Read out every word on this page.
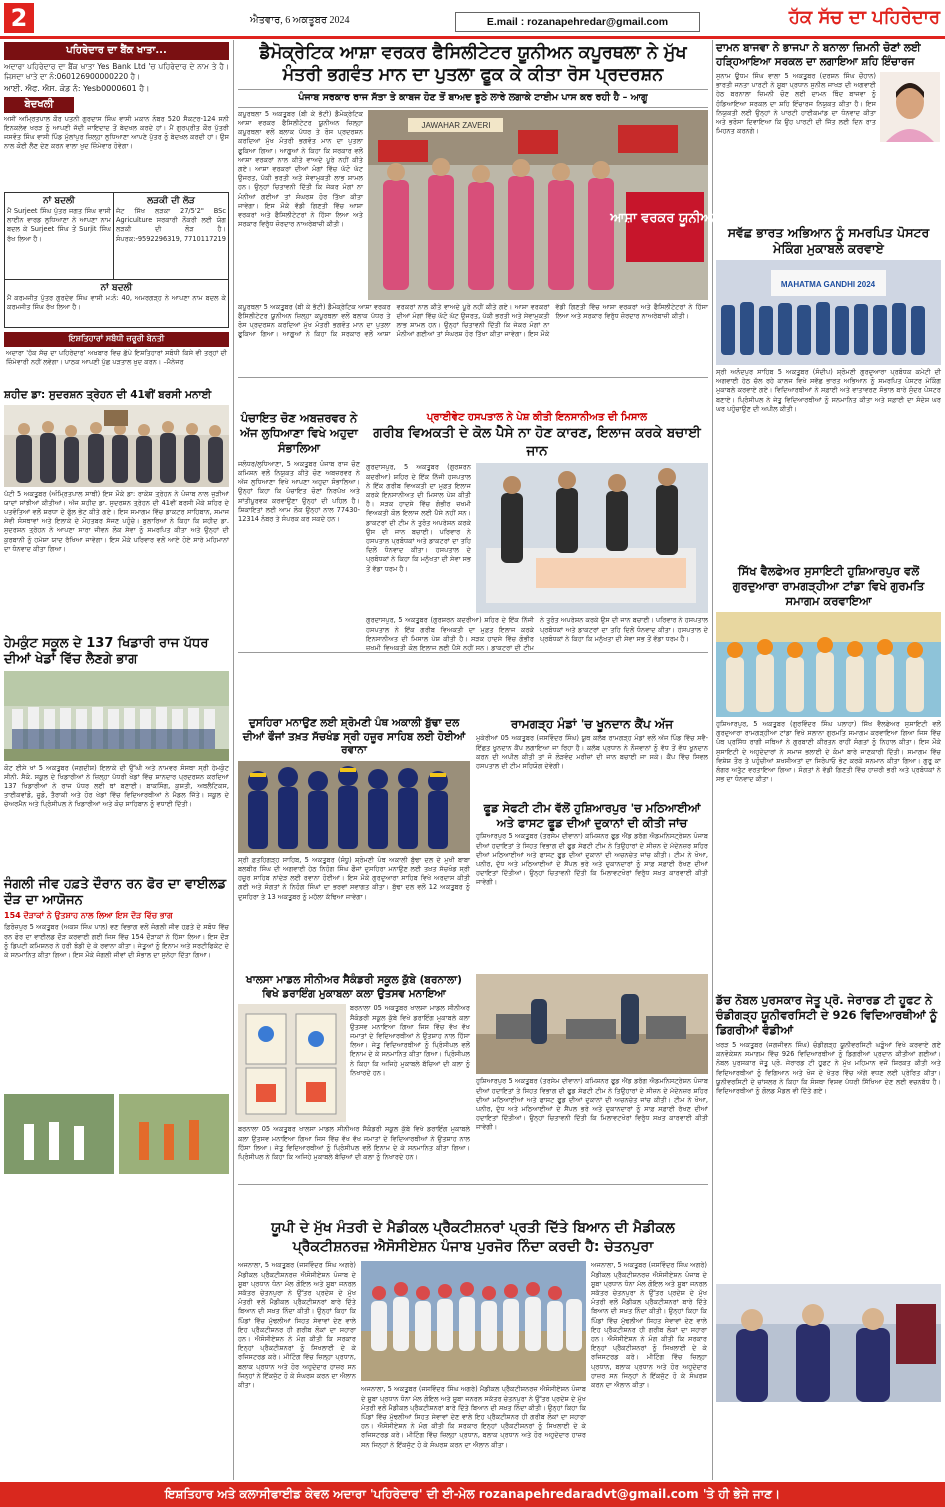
2	ਐਤਵਾਰ, 6 ਅਕਤੂਬਰ 2024	E.mail : rozanapehredar@gmail.com	ਹੱਕ ਸੱਚ ਦਾ ਪਹਿਰੇਦਾਰ
ਪਹਿਰੇਦਾਰ ਦਾ ਬੈਂਕ ਖਾਤਾ...
ਅਦਾਰਾ ਪਹਿਰੇਦਾਰ ਦਾ ਬੈਂਕ ਖਾਤਾ Yes Bank Ltd 'ਚ ਪਹਿਰੇਦਾਰ ਦੇ ਨਾਮ ਤੇ ਹੈ। ਜਿਸਦਾ ਖਾਤੇ ਦਾ ਨੰ:060126900000220 ਹੈ।
ਆਈ. ਐਫ. ਐਸ. ਕੋਡ ਨੰ: Yesb0000601 ਹੈ।
ਬੇਦਖਲੀ
ਅਸੀਂ ਅਮ੍ਰਿਤਪਾਲ ਕੌਰ ਪਤਨੀ ਗੁਰਦਾਸ ਸਿੰਘ ਵਾਸੀ ਮਕਾਨ ਨੰਬਰ 520 ਸੈਕਟਰ-124 ਸਨੀ ਇਨਕਲੇਵ ਖਰੜ ਨੂੰ ਆਪਣੀ ਜੱਦੀ ਜਾਇਦਾਦ ਤੋਂ ਬੇਦਖਲ ਕਰਦੇ ਹਾਂ। ਮੈਂ ਗੁਰਪ੍ਰੀਤ ਕੌਰ ਪੁੱਤਰੀ ਜਸਵੰਤ ਸਿੰਘ ਵਾਸੀ ਪਿੰਡ ਮੁੱਲਾਂਪੁਰ ਜ਼ਿਲ੍ਹਾ ਲੁਧਿਆਣਾ ਆਪਣੇ ਪੁੱਤਰ ਨੂੰ ਬੇਦਖਲ ਕਰਦੀ ਹਾਂ। ਉਸ ਨਾਲ ਕੋਈ ਲੈਣ ਦੇਣ ਕਰਨ ਵਾਲਾ ਖੁਦ ਜ਼ਿੰਮੇਵਾਰ ਹੋਵੇਗਾ।
ਨਾਂ ਬਦਲੀ
ਮੈਂ Surjeet ਸਿੰਘ ਪੁੱਤਰ ਜਗਤ ਸਿੰਘ ਵਾਸੀ ਲਾਈਨ ਵਾਰਡ ਲੁਧਿਆਣਾ ਨੇ ਆਪਣਾ ਨਾਮ ਬਦਲ ਕੇ Surjeet ਸਿੰਘ ਤੋਂ Surjit ਸਿੰਘ ਰੱਖ ਲਿਆ ਹੈ।
ਲੜਕੀ ਦੀ ਲੋੜ
ਜੱਟ ਸਿੱਖ ਲੜਕਾ 27/5'2" BSc Agriculture ਸਰਕਾਰੀ ਨੌਕਰੀ ਲਈ ਯੋਗ ਲੜਕੀ ਦੀ ਲੋੜ ਹੈ। ਸੰਪਰਕ:-9592296319, 7710117219
ਨਾਂ ਬਦਲੀ
ਮੈਂ ਕਰਮਜੀਤ ਪੁੱਤਰ ਗੁਰਦੇਵ ਸਿੰਘ ਵਾਸੀ ਮ:ਨੰ: 40, ਅਮਰਗੜ੍ਹ ਨੇ ਆਪਣਾ ਨਾਮ ਬਦਲ ਕੇ ਕਰਮਜੀਤ ਸਿੰਘ ਰੱਖ ਲਿਆ ਹੈ।
ਇਸ਼ਤਿਹਾਰਾਂ ਸਬੰਧੀ ਜ਼ਰੂਰੀ ਬੇਨਤੀ
ਅਦਾਰਾ 'ਹੱਕ ਸੱਚ ਦਾ ਪਹਿਰੇਦਾਰ' ਅਖ਼ਬਾਰ ਵਿਚ ਛੱਪੇ ਇਸ਼ਤਿਹਾਰਾਂ ਸਬੰਧੀ ਕਿਸੇ ਵੀ ਤਰ੍ਹਾਂ ਦੀ ਜ਼ਿੰਮੇਵਾਰੀ ਨਹੀਂ ਲਵੇਗਾ। ਪਾਠਕ ਆਪਣੀ ਪੁੱਛ ਪੜਤਾਲ ਖ਼ੁਦ ਕਰਨ। –ਮੈਨੇਜਰ
ਸ਼ਹੀਦ ਡਾ: ਸੁਦਰਸ਼ਨ ਤ੍ਰੇਹਨ ਦੀ 41ਵੀਂ ਬਰਸੀ ਮਨਾਈ
ਪੱਟੀ 5 ਅਕਤੂਬਰ (ਅੰਮ੍ਰਿਤਪਾਲ ਸਾਥੀ) ਇਸ ਮੌਕੇ ਡਾ: ਰਾਕੇਸ਼ ਤ੍ਰੇਹਨ ਨੇ ਪੰਜਾਬ ਨਾਲ ਜੁੜੀਆਂ ਯਾਦਾਂ ਸਾਂਝੀਆਂ ਕੀਤੀਆਂ। ਅੱਜ ਸ਼ਹੀਦ ਡਾ. ਸੁਦਰਸ਼ਨ ਤ੍ਰੇਹਨ ਦੀ 41ਵੀਂ ਬਰਸੀ ਮੌਕੇ ਸ਼ਹਿਰ ਦੇ ਪਤਵੰਤਿਆਂ ਵਲੋਂ ਸ਼ਰਧਾ ਦੇ ਫੁੱਲ ਭੇਟ ਕੀਤੇ ਗਏ। ਇਸ ਸਮਾਗਮ ਵਿੱਚ ਡਾਕਟਰ ਸਾਹਿਬਾਨ, ਸਮਾਜ ਸੇਵੀ ਸੰਸਥਾਵਾਂ ਅਤੇ ਇਲਾਕੇ ਦੇ ਮੋਹਤਬਰ ਸੱਜਣ ਪਹੁੰਚੇ। ਬੁਲਾਰਿਆਂ ਨੇ ਕਿਹਾ ਕਿ ਸ਼ਹੀਦ ਡਾ. ਸੁਦਰਸ਼ਨ ਤ੍ਰੇਹਨ ਨੇ ਆਪਣਾ ਸਾਰਾ ਜੀਵਨ ਲੋਕ ਸੇਵਾ ਨੂੰ ਸਮਰਪਿਤ ਕੀਤਾ ਅਤੇ ਉਨ੍ਹਾਂ ਦੀ ਕੁਰਬਾਨੀ ਨੂੰ ਹਮੇਸ਼ਾ ਯਾਦ ਰੱਖਿਆ ਜਾਵੇਗਾ। ਇਸ ਮੌਕੇ ਪਰਿਵਾਰ ਵਲੋਂ ਆਏ ਹੋਏ ਸਾਰੇ ਮਹਿਮਾਨਾਂ ਦਾ ਧੰਨਵਾਦ ਕੀਤਾ ਗਿਆ।
ਹੇਮਕੁੰਟ ਸਕੂਲ ਦੇ 137 ਖਿਡਾਰੀ ਰਾਜ ਪੱਧਰ ਦੀਆਂ ਖੇਡਾਂ ਵਿੱਚ ਲੈਣਗੇ ਭਾਗ
ਕੋਟ ਈਸੇ ਖਾਂ 5 ਅਕਤੂਬਰ (ਜਗਦੀਸ਼) ਇਲਾਕੇ ਦੀ ਉੱਘੀ ਅਤੇ ਨਾਮਵਰ ਸੰਸਥਾ ਸ੍ਰੀ ਹੇਮਕੁੰਟ ਸੀਨੀ. ਸੈਕੰ. ਸਕੂਲ ਦੇ ਖਿਡਾਰੀਆਂ ਨੇ ਜ਼ਿਲ੍ਹਾ ਪੱਧਰੀ ਖੇਡਾਂ ਵਿੱਚ ਸ਼ਾਨਦਾਰ ਪ੍ਰਦਰਸ਼ਨ ਕਰਦਿਆਂ 137 ਖਿਡਾਰੀਆਂ ਨੇ ਰਾਜ ਪੱਧਰ ਲਈ ਥਾਂ ਬਣਾਈ। ਬਾਕਸਿੰਗ, ਕੁਸ਼ਤੀ, ਅਥਲੈਟਿਕਸ, ਤਾਈਕਵਾਂਡੋ, ਜੂਡੋ, ਤੈਰਾਕੀ ਅਤੇ ਹੋਰ ਖੇਡਾਂ ਵਿੱਚ ਵਿਦਿਆਰਥੀਆਂ ਨੇ ਮੈਡਲ ਜਿੱਤੇ। ਸਕੂਲ ਦੇ ਚੇਅਰਮੈਨ ਅਤੇ ਪ੍ਰਿੰਸੀਪਲ ਨੇ ਖਿਡਾਰੀਆਂ ਅਤੇ ਕੋਚ ਸਾਹਿਬਾਨ ਨੂੰ ਵਧਾਈ ਦਿੱਤੀ।
ਜੰਗਲੀ ਜੀਵ ਹਫ਼ਤੇ ਦੌਰਾਨ ਰਨ ਫੋਰ ਦਾ ਵਾਈਲਡ ਦੌੜ ਦਾ ਆਯੋਜਨ
154 ਦੌੜਾਕਾਂ ਨੇ ਉਤਸ਼ਾਹ ਨਾਲ ਲਿਆ ਇਸ ਦੌੜ ਵਿੱਚ ਭਾਗ
ਫ਼ਿਰੋਜ਼ਪੁਰ 5 ਅਕਤੂਬਰ (ਅਕਸ਼ ਸਿੰਘ ਪਾਲ) ਵਣ ਵਿਭਾਗ ਵਲੋਂ ਜੰਗਲੀ ਜੀਵ ਹਫ਼ਤੇ ਦੇ ਸਬੰਧ ਵਿੱਚ ਰਨ ਫੋਰ ਦਾ ਵਾਈਲਡ ਦੌੜ ਕਰਵਾਈ ਗਈ ਜਿਸ ਵਿੱਚ 154 ਦੌੜਾਕਾਂ ਨੇ ਹਿੱਸਾ ਲਿਆ। ਇਸ ਦੌੜ ਨੂੰ ਡਿਪਟੀ ਕਮਿਸ਼ਨਰ ਨੇ ਹਰੀ ਝੰਡੀ ਦੇ ਕੇ ਰਵਾਨਾ ਕੀਤਾ। ਜੇਤੂਆਂ ਨੂੰ ਇਨਾਮ ਅਤੇ ਸਰਟੀਫਿਕੇਟ ਦੇ ਕੇ ਸਨਮਾਨਿਤ ਕੀਤਾ ਗਿਆ। ਇਸ ਮੌਕੇ ਜੰਗਲੀ ਜੀਵਾਂ ਦੀ ਸੰਭਾਲ ਦਾ ਸੁਨੇਹਾ ਦਿੱਤਾ ਗਿਆ।
ਡੈਮੋਕ੍ਰੇਟਿਕ ਆਸ਼ਾ ਵਰਕਰ ਫੈਸਿਲੀਟੇਟਰ ਯੂਨੀਅਨ ਕਪੂਰਥਲਾ ਨੇ ਮੁੱਖ ਮੰਤਰੀ ਭਗਵੰਤ ਮਾਨ ਦਾ ਪੁਤਲਾ ਫੂਕ ਕੇ ਕੀਤਾ ਰੋਸ ਪ੍ਰਦਰਸ਼ਨ
ਪੰਜਾਬ ਸਰਕਾਰ ਰਾਜ ਸੱਤਾ ਤੇ ਕਾਬਜ ਹੋਣ ਤੋਂ ਬਾਅਦ ਝੂਠੇ ਲਾਰੇ ਲਗਾਕੇ ਟਾਈਮ ਪਾਸ ਕਰ ਰਹੀ ਹੈ – ਆਗੂ
ਕਪੂਰਥਲਾ 5 ਅਕਤੂਬਰ (ਬੀ ਕੇ ਭੱਟੀ) ਡੈਮੋਕ੍ਰੇਟਿਕ ਆਸ਼ਾ ਵਰਕਰ ਫੈਸਿਲੀਟੇਟਰ ਯੂਨੀਅਨ ਜ਼ਿਲ੍ਹਾ ਕਪੂਰਥਲਾ ਵਲੋਂ ਬਲਾਕ ਪੱਧਰ ਤੇ ਰੋਸ ਪ੍ਰਦਰਸ਼ਨ ਕਰਦਿਆਂ ਮੁੱਖ ਮੰਤਰੀ ਭਗਵੰਤ ਮਾਨ ਦਾ ਪੁਤਲਾ ਫੂਕਿਆ ਗਿਆ। ਆਗੂਆਂ ਨੇ ਕਿਹਾ ਕਿ ਸਰਕਾਰ ਵਲੋਂ ਆਸ਼ਾ ਵਰਕਰਾਂ ਨਾਲ ਕੀਤੇ ਵਾਅਦੇ ਪੂਰੇ ਨਹੀਂ ਕੀਤੇ ਗਏ। ਆਸ਼ਾ ਵਰਕਰਾਂ ਦੀਆਂ ਮੰਗਾਂ ਵਿੱਚ ਘੱਟੋ ਘੱਟ ਉਜਰਤ, ਪੱਕੀ ਭਰਤੀ ਅਤੇ ਸੇਵਾਮੁਕਤੀ ਲਾਭ ਸ਼ਾਮਲ ਹਨ। ਉਨ੍ਹਾਂ ਚਿਤਾਵਨੀ ਦਿੱਤੀ ਕਿ ਜੇਕਰ ਮੰਗਾਂ ਨਾ ਮੰਨੀਆਂ ਗਈਆਂ ਤਾਂ ਸੰਘਰਸ਼ ਹੋਰ ਤਿੱਖਾ ਕੀਤਾ ਜਾਵੇਗਾ। ਇਸ ਮੌਕੇ ਵੱਡੀ ਗਿਣਤੀ ਵਿੱਚ ਆਸ਼ਾ ਵਰਕਰਾਂ ਅਤੇ ਫੈਸਿਲੀਟੇਟਰਾਂ ਨੇ ਹਿੱਸਾ ਲਿਆ ਅਤੇ ਸਰਕਾਰ ਵਿਰੁੱਧ ਜ਼ੋਰਦਾਰ ਨਾਅਰੇਬਾਜ਼ੀ ਕੀਤੀ।
JAWAHAR ZAVERI
ਆਸ਼ਾ ਵਰਕਰ ਯੂਨੀਅਨ
ਕਪੂਰਥਲਾ 5 ਅਕਤੂਬਰ (ਬੀ ਕੇ ਭੱਟੀ) ਡੈਮੋਕ੍ਰੇਟਿਕ ਆਸ਼ਾ ਵਰਕਰ ਫੈਸਿਲੀਟੇਟਰ ਯੂਨੀਅਨ ਜ਼ਿਲ੍ਹਾ ਕਪੂਰਥਲਾ ਵਲੋਂ ਬਲਾਕ ਪੱਧਰ ਤੇ ਰੋਸ ਪ੍ਰਦਰਸ਼ਨ ਕਰਦਿਆਂ ਮੁੱਖ ਮੰਤਰੀ ਭਗਵੰਤ ਮਾਨ ਦਾ ਪੁਤਲਾ ਫੂਕਿਆ ਗਿਆ। ਆਗੂਆਂ ਨੇ ਕਿਹਾ ਕਿ ਸਰਕਾਰ ਵਲੋਂ ਆਸ਼ਾ ਵਰਕਰਾਂ ਨਾਲ ਕੀਤੇ ਵਾਅਦੇ ਪੂਰੇ ਨਹੀਂ ਕੀਤੇ ਗਏ। ਆਸ਼ਾ ਵਰਕਰਾਂ ਦੀਆਂ ਮੰਗਾਂ ਵਿੱਚ ਘੱਟੋ ਘੱਟ ਉਜਰਤ, ਪੱਕੀ ਭਰਤੀ ਅਤੇ ਸੇਵਾਮੁਕਤੀ ਲਾਭ ਸ਼ਾਮਲ ਹਨ। ਉਨ੍ਹਾਂ ਚਿਤਾਵਨੀ ਦਿੱਤੀ ਕਿ ਜੇਕਰ ਮੰਗਾਂ ਨਾ ਮੰਨੀਆਂ ਗਈਆਂ ਤਾਂ ਸੰਘਰਸ਼ ਹੋਰ ਤਿੱਖਾ ਕੀਤਾ ਜਾਵੇਗਾ। ਇਸ ਮੌਕੇ ਵੱਡੀ ਗਿਣਤੀ ਵਿੱਚ ਆਸ਼ਾ ਵਰਕਰਾਂ ਅਤੇ ਫੈਸਿਲੀਟੇਟਰਾਂ ਨੇ ਹਿੱਸਾ ਲਿਆ ਅਤੇ ਸਰਕਾਰ ਵਿਰੁੱਧ ਜ਼ੋਰਦਾਰ ਨਾਅਰੇਬਾਜ਼ੀ ਕੀਤੀ।
ਪੰਚਾਇਤ ਚੋਣ ਅਬਜ਼ਰਵਰ ਨੇ ਅੱਜ ਲੁਧਿਆਣਾ ਵਿਖੇ ਅਹੁਦਾ ਸੰਭਾਲਿਆ
ਜਲੰਧਰ/ਲੁਧਿਆਣਾ, 5 ਅਕਤੂਬਰ ਪੰਜਾਬ ਰਾਜ ਚੋਣ ਕਮਿਸ਼ਨ ਵਲੋਂ ਨਿਯੁਕਤ ਕੀਤੇ ਚੋਣ ਅਬਜ਼ਰਵਰ ਨੇ ਅੱਜ ਲੁਧਿਆਣਾ ਵਿਖੇ ਆਪਣਾ ਅਹੁਦਾ ਸੰਭਾਲਿਆ। ਉਨ੍ਹਾਂ ਕਿਹਾ ਕਿ ਪੰਚਾਇਤ ਚੋਣਾਂ ਨਿਰਪੱਖ ਅਤੇ ਸ਼ਾਂਤੀਪੂਰਵਕ ਕਰਵਾਉਣਾ ਉਨ੍ਹਾਂ ਦੀ ਪਹਿਲ ਹੈ। ਸ਼ਿਕਾਇਤਾਂ ਲਈ ਆਮ ਲੋਕ ਉਨ੍ਹਾਂ ਨਾਲ 77430-12314 ਨੰਬਰ ਤੇ ਸੰਪਰਕ ਕਰ ਸਕਦੇ ਹਨ।
ਪ੍ਰਾਈਵੇਟ ਹਸਪਤਾਲ ਨੇ ਪੇਸ਼ ਕੀਤੀ ਇਨਸਾਨੀਅਤ ਦੀ ਮਿਸਾਲ
ਗਰੀਬ ਵਿਅਕਤੀ ਦੇ ਕੋਲ ਪੈਸੇ ਨਾ ਹੋਣ ਕਾਰਣ, ਇਲਾਜ ਕਰਕੇ ਬਚਾਈ ਜਾਨ
ਗੁਰਦਾਸਪੁਰ, 5 ਅਕਤੂਬਰ (ਗੁਰਸ਼ਰਨ ਕਦਰੀਆ) ਸ਼ਹਿਰ ਦੇ ਇੱਕ ਨਿੱਜੀ ਹਸਪਤਾਲ ਨੇ ਇੱਕ ਗਰੀਬ ਵਿਅਕਤੀ ਦਾ ਮੁਫ਼ਤ ਇਲਾਜ ਕਰਕੇ ਇਨਸਾਨੀਅਤ ਦੀ ਮਿਸਾਲ ਪੇਸ਼ ਕੀਤੀ ਹੈ। ਸੜਕ ਹਾਦਸੇ ਵਿੱਚ ਗੰਭੀਰ ਜ਼ਖਮੀ ਵਿਅਕਤੀ ਕੋਲ ਇਲਾਜ ਲਈ ਪੈਸੇ ਨਹੀਂ ਸਨ। ਡਾਕਟਰਾਂ ਦੀ ਟੀਮ ਨੇ ਤੁਰੰਤ ਅਪਰੇਸ਼ਨ ਕਰਕੇ ਉਸ ਦੀ ਜਾਨ ਬਚਾਈ। ਪਰਿਵਾਰ ਨੇ ਹਸਪਤਾਲ ਪ੍ਰਬੰਧਕਾਂ ਅਤੇ ਡਾਕਟਰਾਂ ਦਾ ਤਹਿ ਦਿਲੋਂ ਧੰਨਵਾਦ ਕੀਤਾ। ਹਸਪਤਾਲ ਦੇ ਪ੍ਰਬੰਧਕਾਂ ਨੇ ਕਿਹਾ ਕਿ ਮਨੁੱਖਤਾ ਦੀ ਸੇਵਾ ਸਭ ਤੋਂ ਵੱਡਾ ਧਰਮ ਹੈ।
ਗੁਰਦਾਸਪੁਰ, 5 ਅਕਤੂਬਰ (ਗੁਰਸ਼ਰਨ ਕਦਰੀਆ) ਸ਼ਹਿਰ ਦੇ ਇੱਕ ਨਿੱਜੀ ਹਸਪਤਾਲ ਨੇ ਇੱਕ ਗਰੀਬ ਵਿਅਕਤੀ ਦਾ ਮੁਫ਼ਤ ਇਲਾਜ ਕਰਕੇ ਇਨਸਾਨੀਅਤ ਦੀ ਮਿਸਾਲ ਪੇਸ਼ ਕੀਤੀ ਹੈ। ਸੜਕ ਹਾਦਸੇ ਵਿੱਚ ਗੰਭੀਰ ਜ਼ਖਮੀ ਵਿਅਕਤੀ ਕੋਲ ਇਲਾਜ ਲਈ ਪੈਸੇ ਨਹੀਂ ਸਨ। ਡਾਕਟਰਾਂ ਦੀ ਟੀਮ ਨੇ ਤੁਰੰਤ ਅਪਰੇਸ਼ਨ ਕਰਕੇ ਉਸ ਦੀ ਜਾਨ ਬਚਾਈ। ਪਰਿਵਾਰ ਨੇ ਹਸਪਤਾਲ ਪ੍ਰਬੰਧਕਾਂ ਅਤੇ ਡਾਕਟਰਾਂ ਦਾ ਤਹਿ ਦਿਲੋਂ ਧੰਨਵਾਦ ਕੀਤਾ। ਹਸਪਤਾਲ ਦੇ ਪ੍ਰਬੰਧਕਾਂ ਨੇ ਕਿਹਾ ਕਿ ਮਨੁੱਖਤਾ ਦੀ ਸੇਵਾ ਸਭ ਤੋਂ ਵੱਡਾ ਧਰਮ ਹੈ।
ਦੁਸਹਿਰਾ ਮਨਾਉਣ ਲਈ ਸ਼੍ਰੋਮਣੀ ਪੰਥ ਅਕਾਲੀ ਬੁੱਢਾ ਦਲ ਦੀਆਂ ਫੌਜਾਂ ਤਖ਼ਤ ਸੱਚਖੰਡ ਸ੍ਰੀ ਹਜ਼ੂਰ ਸਾਹਿਬ ਲਈ ਹੋਈਆਂ ਰਵਾਨਾ
ਸ੍ਰੀ ਫ਼ਤਹਿਗੜ੍ਹ ਸਾਹਿਬ, 5 ਅਕਤੂਬਰ (ਸੰਧੂ) ਸ਼੍ਰੋਮਣੀ ਪੰਥ ਅਕਾਲੀ ਬੁੱਢਾ ਦਲ ਦੇ ਮੁਖੀ ਬਾਬਾ ਬਲਬੀਰ ਸਿੰਘ ਦੀ ਅਗਵਾਈ ਹੇਠ ਨਿਹੰਗ ਸਿੰਘ ਫੌਜਾਂ ਦੁਸਹਿਰਾ ਮਨਾਉਣ ਲਈ ਤਖ਼ਤ ਸੱਚਖੰਡ ਸ੍ਰੀ ਹਜ਼ੂਰ ਸਾਹਿਬ ਨਾਂਦੇੜ ਲਈ ਰਵਾਨਾ ਹੋਈਆਂ। ਇਸ ਮੌਕੇ ਗੁਰਦੁਆਰਾ ਸਾਹਿਬ ਵਿਖੇ ਅਰਦਾਸ ਕੀਤੀ ਗਈ ਅਤੇ ਸੰਗਤਾਂ ਨੇ ਨਿਹੰਗ ਸਿੰਘਾਂ ਦਾ ਭਰਵਾਂ ਸਵਾਗਤ ਕੀਤਾ। ਬੁੱਢਾ ਦਲ ਵਲੋਂ 12 ਅਕਤੂਬਰ ਨੂੰ ਦੁਸਹਿਰਾ ਤੇ 13 ਅਕਤੂਬਰ ਨੂੰ ਮਹੱਲਾ ਕੱਢਿਆ ਜਾਵੇਗਾ।
ਰਾਮਗੜ੍ਹ ਮੰਡਾਂ 'ਚ ਖੂਨਦਾਨ ਕੈਂਪ ਅੱਜ
ਮੁਕੇਰੀਆਂ 05 ਅਕਤੂਬਰ (ਜਸਵਿੰਦਰ ਸਿੰਘ) ਯੂਥ ਕਲੱਬ ਰਾਮਗੜ੍ਹ ਮੰਡਾਂ ਵਲੋਂ ਅੱਜ ਪਿੰਡ ਵਿੱਚ ਸਵੈ-ਇੱਛਤ ਖੂਨਦਾਨ ਕੈਂਪ ਲਗਾਇਆ ਜਾ ਰਿਹਾ ਹੈ। ਕਲੱਬ ਪ੍ਰਧਾਨ ਨੇ ਨੌਜਵਾਨਾਂ ਨੂੰ ਵੱਧ ਤੋਂ ਵੱਧ ਖੂਨਦਾਨ ਕਰਨ ਦੀ ਅਪੀਲ ਕੀਤੀ ਤਾਂ ਜੋ ਲੋੜਵੰਦ ਮਰੀਜ਼ਾਂ ਦੀ ਜਾਨ ਬਚਾਈ ਜਾ ਸਕੇ। ਕੈਂਪ ਵਿੱਚ ਸਿਵਲ ਹਸਪਤਾਲ ਦੀ ਟੀਮ ਸਹਿਯੋਗ ਦੇਵੇਗੀ।
ਫੂਡ ਸੇਫਟੀ ਟੀਮ ਵੱਲੋਂ ਹੁਸ਼ਿਆਰਪੁਰ 'ਚ ਮਠਿਆਈਆਂ ਅਤੇ ਫਾਸਟ ਫੂਡ ਦੀਆਂ ਦੁਕਾਨਾਂ ਦੀ ਕੀਤੀ ਜਾਂਚ
ਹੁਸ਼ਿਆਰਪੁਰ 5 ਅਕਤੂਬਰ (ਤਰਸੇਮ ਦੀਵਾਨਾ) ਕਮਿਸ਼ਨਰ ਫੂਡ ਐਂਡ ਡਰੱਗ ਐਡਮਨਿਸਟ੍ਰੇਸ਼ਨ ਪੰਜਾਬ ਦੀਆਂ ਹਦਾਇਤਾਂ ਤੇ ਸਿਹਤ ਵਿਭਾਗ ਦੀ ਫੂਡ ਸੇਫਟੀ ਟੀਮ ਨੇ ਤਿਉਹਾਰਾਂ ਦੇ ਸੀਜ਼ਨ ਦੇ ਮੱਦੇਨਜ਼ਰ ਸ਼ਹਿਰ ਦੀਆਂ ਮਠਿਆਈਆਂ ਅਤੇ ਫਾਸਟ ਫੂਡ ਦੀਆਂ ਦੁਕਾਨਾਂ ਦੀ ਅਚਨਚੇਤ ਜਾਂਚ ਕੀਤੀ। ਟੀਮ ਨੇ ਖੋਆ, ਪਨੀਰ, ਦੁੱਧ ਅਤੇ ਮਠਿਆਈਆਂ ਦੇ ਸੈਂਪਲ ਭਰੇ ਅਤੇ ਦੁਕਾਨਦਾਰਾਂ ਨੂੰ ਸਾਫ਼ ਸਫ਼ਾਈ ਰੱਖਣ ਦੀਆਂ ਹਦਾਇਤਾਂ ਦਿੱਤੀਆਂ। ਉਨ੍ਹਾਂ ਚਿਤਾਵਨੀ ਦਿੱਤੀ ਕਿ ਮਿਲਾਵਟਖੋਰਾਂ ਵਿਰੁੱਧ ਸਖ਼ਤ ਕਾਰਵਾਈ ਕੀਤੀ ਜਾਵੇਗੀ।
ਖਾਲਸਾ ਮਾਡਲ ਸੀਨੀਅਰ ਸੈਕੰਡਰੀ ਸਕੂਲ ਕੁੱਬੇ (ਬਰਨਾਲਾ) ਵਿਖੇ ਡਰਾਇੰਗ ਮੁਕਾਬਲਾ ਕਲਾ ਉਤਸਵ ਮਨਾਇਆ
ਬਰਨਾਲਾ 05 ਅਕਤੂਬਰ ਖਾਲਸਾ ਮਾਡਲ ਸੀਨੀਅਰ ਸੈਕੰਡਰੀ ਸਕੂਲ ਕੁੱਬੇ ਵਿਖੇ ਡਰਾਇੰਗ ਮੁਕਾਬਲੇ ਕਲਾ ਉਤਸਵ ਮਨਾਇਆ ਗਿਆ ਜਿਸ ਵਿੱਚ ਵੱਖ ਵੱਖ ਜਮਾਤਾਂ ਦੇ ਵਿਦਿਆਰਥੀਆਂ ਨੇ ਉਤਸ਼ਾਹ ਨਾਲ ਹਿੱਸਾ ਲਿਆ। ਜੇਤੂ ਵਿਦਿਆਰਥੀਆਂ ਨੂੰ ਪ੍ਰਿੰਸੀਪਲ ਵਲੋਂ ਇਨਾਮ ਦੇ ਕੇ ਸਨਮਾਨਿਤ ਕੀਤਾ ਗਿਆ। ਪ੍ਰਿੰਸੀਪਲ ਨੇ ਕਿਹਾ ਕਿ ਅਜਿਹੇ ਮੁਕਾਬਲੇ ਬੱਚਿਆਂ ਦੀ ਕਲਾ ਨੂੰ ਨਿਖਾਰਦੇ ਹਨ।
ਬਰਨਾਲਾ 05 ਅਕਤੂਬਰ ਖਾਲਸਾ ਮਾਡਲ ਸੀਨੀਅਰ ਸੈਕੰਡਰੀ ਸਕੂਲ ਕੁੱਬੇ ਵਿਖੇ ਡਰਾਇੰਗ ਮੁਕਾਬਲੇ ਕਲਾ ਉਤਸਵ ਮਨਾਇਆ ਗਿਆ ਜਿਸ ਵਿੱਚ ਵੱਖ ਵੱਖ ਜਮਾਤਾਂ ਦੇ ਵਿਦਿਆਰਥੀਆਂ ਨੇ ਉਤਸ਼ਾਹ ਨਾਲ ਹਿੱਸਾ ਲਿਆ। ਜੇਤੂ ਵਿਦਿਆਰਥੀਆਂ ਨੂੰ ਪ੍ਰਿੰਸੀਪਲ ਵਲੋਂ ਇਨਾਮ ਦੇ ਕੇ ਸਨਮਾਨਿਤ ਕੀਤਾ ਗਿਆ। ਪ੍ਰਿੰਸੀਪਲ ਨੇ ਕਿਹਾ ਕਿ ਅਜਿਹੇ ਮੁਕਾਬਲੇ ਬੱਚਿਆਂ ਦੀ ਕਲਾ ਨੂੰ ਨਿਖਾਰਦੇ ਹਨ।
ਹੁਸ਼ਿਆਰਪੁਰ 5 ਅਕਤੂਬਰ (ਤਰਸੇਮ ਦੀਵਾਨਾ) ਕਮਿਸ਼ਨਰ ਫੂਡ ਐਂਡ ਡਰੱਗ ਐਡਮਨਿਸਟ੍ਰੇਸ਼ਨ ਪੰਜਾਬ ਦੀਆਂ ਹਦਾਇਤਾਂ ਤੇ ਸਿਹਤ ਵਿਭਾਗ ਦੀ ਫੂਡ ਸੇਫਟੀ ਟੀਮ ਨੇ ਤਿਉਹਾਰਾਂ ਦੇ ਸੀਜ਼ਨ ਦੇ ਮੱਦੇਨਜ਼ਰ ਸ਼ਹਿਰ ਦੀਆਂ ਮਠਿਆਈਆਂ ਅਤੇ ਫਾਸਟ ਫੂਡ ਦੀਆਂ ਦੁਕਾਨਾਂ ਦੀ ਅਚਨਚੇਤ ਜਾਂਚ ਕੀਤੀ। ਟੀਮ ਨੇ ਖੋਆ, ਪਨੀਰ, ਦੁੱਧ ਅਤੇ ਮਠਿਆਈਆਂ ਦੇ ਸੈਂਪਲ ਭਰੇ ਅਤੇ ਦੁਕਾਨਦਾਰਾਂ ਨੂੰ ਸਾਫ਼ ਸਫ਼ਾਈ ਰੱਖਣ ਦੀਆਂ ਹਦਾਇਤਾਂ ਦਿੱਤੀਆਂ। ਉਨ੍ਹਾਂ ਚਿਤਾਵਨੀ ਦਿੱਤੀ ਕਿ ਮਿਲਾਵਟਖੋਰਾਂ ਵਿਰੁੱਧ ਸਖ਼ਤ ਕਾਰਵਾਈ ਕੀਤੀ ਜਾਵੇਗੀ।
ਯੂਪੀ ਦੇ ਮੁੱਖ ਮੰਤਰੀ ਦੇ ਮੈਡੀਕਲ ਪ੍ਰੈਕਟੀਸ਼ਨਰਾਂ ਪ੍ਰਤੀ ਦਿੱਤੇ ਬਿਆਨ ਦੀ ਮੈਡੀਕਲ ਪ੍ਰੈਕਟੀਸ਼ਨਰਜ਼ ਐਸੋਸੀਏਸ਼ਨ ਪੰਜਾਬ ਪੁਰਜੋਰ ਨਿੰਦਾ ਕਰਦੀ ਹੈ: ਚੇਤਨਪੁਰਾ
ਅਜਨਾਲਾ, 5 ਅਕਤੂਬਰ (ਜਸਵਿੰਦਰ ਸਿੰਘ ਅਗਰੇ) ਮੈਡੀਕਲ ਪ੍ਰੈਕਟੀਸ਼ਨਰਜ਼ ਐਸੋਸੀਏਸ਼ਨ ਪੰਜਾਬ ਦੇ ਸੂਬਾ ਪ੍ਰਧਾਨ ਧੰਨਾ ਮੱਲ ਗੋਇਲ ਅਤੇ ਸੂਬਾ ਜਨਰਲ ਸਕੱਤਰ ਚੇਤਨਪੁਰਾ ਨੇ ਉੱਤਰ ਪ੍ਰਦੇਸ਼ ਦੇ ਮੁੱਖ ਮੰਤਰੀ ਵਲੋਂ ਮੈਡੀਕਲ ਪ੍ਰੈਕਟੀਸ਼ਨਰਾਂ ਬਾਰੇ ਦਿੱਤੇ ਬਿਆਨ ਦੀ ਸਖ਼ਤ ਨਿੰਦਾ ਕੀਤੀ। ਉਨ੍ਹਾਂ ਕਿਹਾ ਕਿ ਪਿੰਡਾਂ ਵਿੱਚ ਮੁੱਢਲੀਆਂ ਸਿਹਤ ਸੇਵਾਵਾਂ ਦੇਣ ਵਾਲੇ ਇਹ ਪ੍ਰੈਕਟੀਸ਼ਨਰ ਹੀ ਗਰੀਬ ਲੋਕਾਂ ਦਾ ਸਹਾਰਾ ਹਨ। ਐਸੋਸੀਏਸ਼ਨ ਨੇ ਮੰਗ ਕੀਤੀ ਕਿ ਸਰਕਾਰ ਇਨ੍ਹਾਂ ਪ੍ਰੈਕਟੀਸ਼ਨਰਾਂ ਨੂੰ ਸਿਖਲਾਈ ਦੇ ਕੇ ਰਜਿਸਟਰਡ ਕਰੇ। ਮੀਟਿੰਗ ਵਿੱਚ ਜ਼ਿਲ੍ਹਾ ਪ੍ਰਧਾਨ, ਬਲਾਕ ਪ੍ਰਧਾਨ ਅਤੇ ਹੋਰ ਅਹੁਦੇਦਾਰ ਹਾਜ਼ਰ ਸਨ ਜਿਨ੍ਹਾਂ ਨੇ ਇੱਕਜੁੱਟ ਹੋ ਕੇ ਸੰਘਰਸ਼ ਕਰਨ ਦਾ ਐਲਾਨ ਕੀਤਾ।
ਅਜਨਾਲਾ, 5 ਅਕਤੂਬਰ (ਜਸਵਿੰਦਰ ਸਿੰਘ ਅਗਰੇ) ਮੈਡੀਕਲ ਪ੍ਰੈਕਟੀਸ਼ਨਰਜ਼ ਐਸੋਸੀਏਸ਼ਨ ਪੰਜਾਬ ਦੇ ਸੂਬਾ ਪ੍ਰਧਾਨ ਧੰਨਾ ਮੱਲ ਗੋਇਲ ਅਤੇ ਸੂਬਾ ਜਨਰਲ ਸਕੱਤਰ ਚੇਤਨਪੁਰਾ ਨੇ ਉੱਤਰ ਪ੍ਰਦੇਸ਼ ਦੇ ਮੁੱਖ ਮੰਤਰੀ ਵਲੋਂ ਮੈਡੀਕਲ ਪ੍ਰੈਕਟੀਸ਼ਨਰਾਂ ਬਾਰੇ ਦਿੱਤੇ ਬਿਆਨ ਦੀ ਸਖ਼ਤ ਨਿੰਦਾ ਕੀਤੀ। ਉਨ੍ਹਾਂ ਕਿਹਾ ਕਿ ਪਿੰਡਾਂ ਵਿੱਚ ਮੁੱਢਲੀਆਂ ਸਿਹਤ ਸੇਵਾਵਾਂ ਦੇਣ ਵਾਲੇ ਇਹ ਪ੍ਰੈਕਟੀਸ਼ਨਰ ਹੀ ਗਰੀਬ ਲੋਕਾਂ ਦਾ ਸਹਾਰਾ ਹਨ। ਐਸੋਸੀਏਸ਼ਨ ਨੇ ਮੰਗ ਕੀਤੀ ਕਿ ਸਰਕਾਰ ਇਨ੍ਹਾਂ ਪ੍ਰੈਕਟੀਸ਼ਨਰਾਂ ਨੂੰ ਸਿਖਲਾਈ ਦੇ ਕੇ ਰਜਿਸਟਰਡ ਕਰੇ। ਮੀਟਿੰਗ ਵਿੱਚ ਜ਼ਿਲ੍ਹਾ ਪ੍ਰਧਾਨ, ਬਲਾਕ ਪ੍ਰਧਾਨ ਅਤੇ ਹੋਰ ਅਹੁਦੇਦਾਰ ਹਾਜ਼ਰ ਸਨ ਜਿਨ੍ਹਾਂ ਨੇ ਇੱਕਜੁੱਟ ਹੋ ਕੇ ਸੰਘਰਸ਼ ਕਰਨ ਦਾ ਐਲਾਨ ਕੀਤਾ।
ਅਜਨਾਲਾ, 5 ਅਕਤੂਬਰ (ਜਸਵਿੰਦਰ ਸਿੰਘ ਅਗਰੇ) ਮੈਡੀਕਲ ਪ੍ਰੈਕਟੀਸ਼ਨਰਜ਼ ਐਸੋਸੀਏਸ਼ਨ ਪੰਜਾਬ ਦੇ ਸੂਬਾ ਪ੍ਰਧਾਨ ਧੰਨਾ ਮੱਲ ਗੋਇਲ ਅਤੇ ਸੂਬਾ ਜਨਰਲ ਸਕੱਤਰ ਚੇਤਨਪੁਰਾ ਨੇ ਉੱਤਰ ਪ੍ਰਦੇਸ਼ ਦੇ ਮੁੱਖ ਮੰਤਰੀ ਵਲੋਂ ਮੈਡੀਕਲ ਪ੍ਰੈਕਟੀਸ਼ਨਰਾਂ ਬਾਰੇ ਦਿੱਤੇ ਬਿਆਨ ਦੀ ਸਖ਼ਤ ਨਿੰਦਾ ਕੀਤੀ। ਉਨ੍ਹਾਂ ਕਿਹਾ ਕਿ ਪਿੰਡਾਂ ਵਿੱਚ ਮੁੱਢਲੀਆਂ ਸਿਹਤ ਸੇਵਾਵਾਂ ਦੇਣ ਵਾਲੇ ਇਹ ਪ੍ਰੈਕਟੀਸ਼ਨਰ ਹੀ ਗਰੀਬ ਲੋਕਾਂ ਦਾ ਸਹਾਰਾ ਹਨ। ਐਸੋਸੀਏਸ਼ਨ ਨੇ ਮੰਗ ਕੀਤੀ ਕਿ ਸਰਕਾਰ ਇਨ੍ਹਾਂ ਪ੍ਰੈਕਟੀਸ਼ਨਰਾਂ ਨੂੰ ਸਿਖਲਾਈ ਦੇ ਕੇ ਰਜਿਸਟਰਡ ਕਰੇ। ਮੀਟਿੰਗ ਵਿੱਚ ਜ਼ਿਲ੍ਹਾ ਪ੍ਰਧਾਨ, ਬਲਾਕ ਪ੍ਰਧਾਨ ਅਤੇ ਹੋਰ ਅਹੁਦੇਦਾਰ ਹਾਜ਼ਰ ਸਨ ਜਿਨ੍ਹਾਂ ਨੇ ਇੱਕਜੁੱਟ ਹੋ ਕੇ ਸੰਘਰਸ਼ ਕਰਨ ਦਾ ਐਲਾਨ ਕੀਤਾ।
ਦਾਮਨ ਬਾਜਵਾ ਨੇ ਭਾਜਪਾ ਨੇ ਬਨਾਲਾ ਜ਼ਿਮਨੀ ਚੋਣਾਂ ਲਈ ਹੜ੍ਹਿਆਇਆ ਸਰਕਲ ਦਾ ਲਗਾਇਆ ਸ਼ਹਿ ਇੰਚਾਰਜ
ਸੁਨਾਮ ਊਧਮ ਸਿੰਘ ਵਾਲਾ 5 ਅਕਤੂਬਰ (ਦਰਸ਼ਨ ਸਿੰਘ ਚੌਹਾਨ) ਭਾਰਤੀ ਜਨਤਾ ਪਾਰਟੀ ਨੇ ਸੂਬਾ ਪ੍ਰਧਾਨ ਸੁਨੀਲ ਜਾਖੜ ਦੀ ਅਗਵਾਈ ਹੇਠ ਬਰਨਾਲਾ ਜ਼ਿਮਨੀ ਚੋਣ ਲਈ ਦਾਮਨ ਥਿੰਦ ਬਾਜਵਾ ਨੂੰ ਹੰਡਿਆਇਆ ਸਰਕਲ ਦਾ ਸ਼ਹਿ ਇੰਚਾਰਜ ਨਿਯੁਕਤ ਕੀਤਾ ਹੈ। ਇਸ ਨਿਯੁਕਤੀ ਲਈ ਉਨ੍ਹਾਂ ਨੇ ਪਾਰਟੀ ਹਾਈਕਮਾਂਡ ਦਾ ਧੰਨਵਾਦ ਕੀਤਾ ਅਤੇ ਭਰੋਸਾ ਦਿਵਾਇਆ ਕਿ ਉਹ ਪਾਰਟੀ ਦੀ ਜਿੱਤ ਲਈ ਦਿਨ ਰਾਤ ਮਿਹਨਤ ਕਰਨਗੇ।
ਸਵੱਛ ਭਾਰਤ ਅਭਿਆਨ ਨੂੰ ਸਮਰਪਿਤ ਪੋਸਟਰ ਮੇਕਿੰਗ ਮੁਕਾਬਲੇ ਕਰਵਾਏ
MAHATMA GANDHI 2024
ਸ੍ਰੀ ਅਨੰਦਪੁਰ ਸਾਹਿਬ 5 ਅਕਤੂਬਰ (ਸੰਦੀਪ) ਸ਼੍ਰੋਮਣੀ ਗੁਰਦੁਆਰਾ ਪ੍ਰਬੰਧਕ ਕਮੇਟੀ ਦੀ ਅਗਵਾਈ ਹੇਠ ਚੱਲ ਰਹੇ ਕਾਲਜ ਵਿਖੇ ਸਵੱਛ ਭਾਰਤ ਅਭਿਆਨ ਨੂੰ ਸਮਰਪਿਤ ਪੋਸਟਰ ਮੇਕਿੰਗ ਮੁਕਾਬਲੇ ਕਰਵਾਏ ਗਏ। ਵਿਦਿਆਰਥੀਆਂ ਨੇ ਸਫ਼ਾਈ ਅਤੇ ਵਾਤਾਵਰਣ ਸੰਭਾਲ ਬਾਰੇ ਸੁੰਦਰ ਪੋਸਟਰ ਬਣਾਏ। ਪ੍ਰਿੰਸੀਪਲ ਨੇ ਜੇਤੂ ਵਿਦਿਆਰਥੀਆਂ ਨੂੰ ਸਨਮਾਨਿਤ ਕੀਤਾ ਅਤੇ ਸਫ਼ਾਈ ਦਾ ਸੰਦੇਸ਼ ਘਰ ਘਰ ਪਹੁੰਚਾਉਣ ਦੀ ਅਪੀਲ ਕੀਤੀ।
ਸਿੱਖ ਵੈਲਫੇਅਰ ਸੁਸਾਇਟੀ ਹੁਸ਼ਿਆਰਪੁਰ ਵਲੋਂ ਗੁਰਦੁਆਰਾ ਰਾਮਗੜ੍ਹੀਆ ਟਾਂਡਾ ਵਿਖੇ ਗੁਰਮਤਿ ਸਮਾਗਮ ਕਰਵਾਇਆ
ਹੁਸ਼ਿਆਰਪੁਰ, 5 ਅਕਤੂਬਰ (ਗੁਰਵਿੰਦਰ ਸਿੰਘ ਪਲਾਹਾ) ਸਿੱਖ ਵੈਲਫੇਅਰ ਸੁਸਾਇਟੀ ਵਲੋਂ ਗੁਰਦੁਆਰਾ ਰਾਮਗੜ੍ਹੀਆ ਟਾਂਡਾ ਵਿਖੇ ਸਲਾਨਾ ਗੁਰਮਤਿ ਸਮਾਗਮ ਕਰਵਾਇਆ ਗਿਆ ਜਿਸ ਵਿੱਚ ਪੰਥ ਪ੍ਰਸਿੱਧ ਰਾਗੀ ਜਥਿਆਂ ਨੇ ਗੁਰਬਾਣੀ ਕੀਰਤਨ ਰਾਹੀਂ ਸੰਗਤਾਂ ਨੂੰ ਨਿਹਾਲ ਕੀਤਾ। ਇਸ ਮੌਕੇ ਸੁਸਾਇਟੀ ਦੇ ਅਹੁਦੇਦਾਰਾਂ ਨੇ ਸਮਾਜ ਭਲਾਈ ਦੇ ਕੰਮਾਂ ਬਾਰੇ ਜਾਣਕਾਰੀ ਦਿੱਤੀ। ਸਮਾਗਮ ਵਿੱਚ ਵਿਸ਼ੇਸ਼ ਤੌਰ ਤੇ ਪਹੁੰਚੀਆਂ ਸ਼ਖਸੀਅਤਾਂ ਦਾ ਸਿਰੋਪਾਓ ਭੇਟ ਕਰਕੇ ਸਨਮਾਨ ਕੀਤਾ ਗਿਆ। ਗੁਰੂ ਕਾ ਲੰਗਰ ਅਤੁੱਟ ਵਰਤਾਇਆ ਗਿਆ। ਸੰਗਤਾਂ ਨੇ ਵੱਡੀ ਗਿਣਤੀ ਵਿੱਚ ਹਾਜ਼ਰੀ ਭਰੀ ਅਤੇ ਪ੍ਰਬੰਧਕਾਂ ਨੇ ਸਭ ਦਾ ਧੰਨਵਾਦ ਕੀਤਾ।
ਡੱਚ ਨੋਬਲ ਪੁਰਸਕਾਰ ਜੇਤੂ ਪ੍ਰੋ. ਜੇਰਾਰਡ ਟੀ ਹੂਫਟ ਨੇ ਚੰਡੀਗੜ੍ਹ ਯੂਨੀਵਰਸਿਟੀ ਦੇ 926 ਵਿਦਿਆਰਥੀਆਂ ਨੂੰ ਡਿਗਰੀਆਂ ਵੰਡੀਆਂ
ਖਰੜ 5 ਅਕਤੂਬਰ (ਜਗਜੀਵਨ ਸਿੰਘ) ਚੰਡੀਗੜ੍ਹ ਯੂਨੀਵਰਸਿਟੀ ਘੜੂੰਆਂ ਵਿਖੇ ਕਰਵਾਏ ਗਏ ਕਨਵੋਕੇਸ਼ਨ ਸਮਾਗਮ ਵਿੱਚ 926 ਵਿਦਿਆਰਥੀਆਂ ਨੂੰ ਡਿਗਰੀਆਂ ਪ੍ਰਦਾਨ ਕੀਤੀਆਂ ਗਈਆਂ। ਨੋਬਲ ਪੁਰਸਕਾਰ ਜੇਤੂ ਪ੍ਰੋ. ਜੇਰਾਰਡ ਟੀ ਹੂਫਟ ਨੇ ਮੁੱਖ ਮਹਿਮਾਨ ਵਜੋਂ ਸ਼ਿਰਕਤ ਕੀਤੀ ਅਤੇ ਵਿਦਿਆਰਥੀਆਂ ਨੂੰ ਵਿਗਿਆਨ ਅਤੇ ਖੋਜ ਦੇ ਖੇਤਰ ਵਿੱਚ ਅੱਗੇ ਵਧਣ ਲਈ ਪ੍ਰੇਰਿਤ ਕੀਤਾ। ਯੂਨੀਵਰਸਿਟੀ ਦੇ ਚਾਂਸਲਰ ਨੇ ਕਿਹਾ ਕਿ ਸੰਸਥਾ ਵਿਸ਼ਵ ਪੱਧਰੀ ਸਿੱਖਿਆ ਦੇਣ ਲਈ ਵਚਨਬੱਧ ਹੈ। ਵਿਦਿਆਰਥੀਆਂ ਨੂੰ ਗੋਲਡ ਮੈਡਲ ਵੀ ਦਿੱਤੇ ਗਏ।
ਇਸ਼ਤਿਹਾਰ ਅਤੇ ਕਲਾਸੀਫਾਈਡ ਕੇਵਲ ਅਦਾਰਾ 'ਪਹਿਰੇਦਾਰ' ਦੀ ਈ-ਮੇਲ rozanapehredaradvt@gmail.com 'ਤੇ ਹੀ ਭੇਜੇ ਜਾਣ।
